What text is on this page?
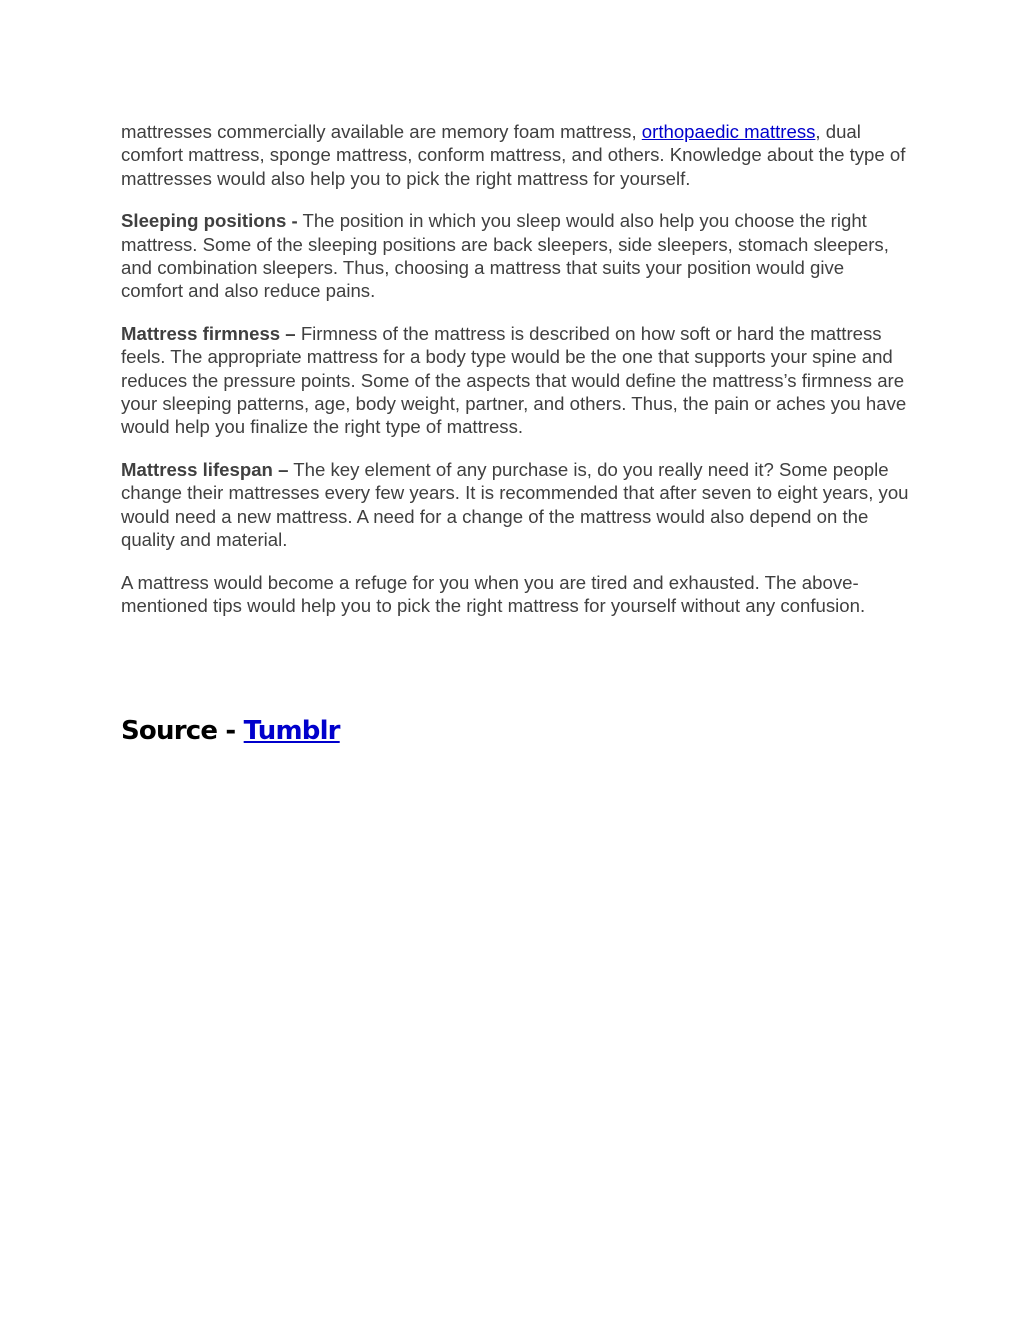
mattresses commercially available are memory foam mattress, orthopaedic mattress, dual comfort mattress, sponge mattress, conform mattress, and others. Knowledge about the type of mattresses would also help you to pick the right mattress for yourself.

Sleeping positions - The position in which you sleep would also help you choose the right mattress. Some of the sleeping positions are back sleepers, side sleepers, stomach sleepers, and combination sleepers. Thus, choosing a mattress that suits your position would give comfort and also reduce pains.

Mattress firmness – Firmness of the mattress is described on how soft or hard the mattress feels. The appropriate mattress for a body type would be the one that supports your spine and reduces the pressure points. Some of the aspects that would define the mattress’s firmness are your sleeping patterns, age, body weight, partner, and others. Thus, the pain or aches you have would help you finalize the right type of mattress.

Mattress lifespan – The key element of any purchase is, do you really need it? Some people change their mattresses every few years. It is recommended that after seven to eight years, you would need a new mattress. A need for a change of the mattress would also depend on the quality and material.

A mattress would become a refuge for you when you are tired and exhausted. The above-mentioned tips would help you to pick the right mattress for yourself without any confusion.

Source - Tumblr
